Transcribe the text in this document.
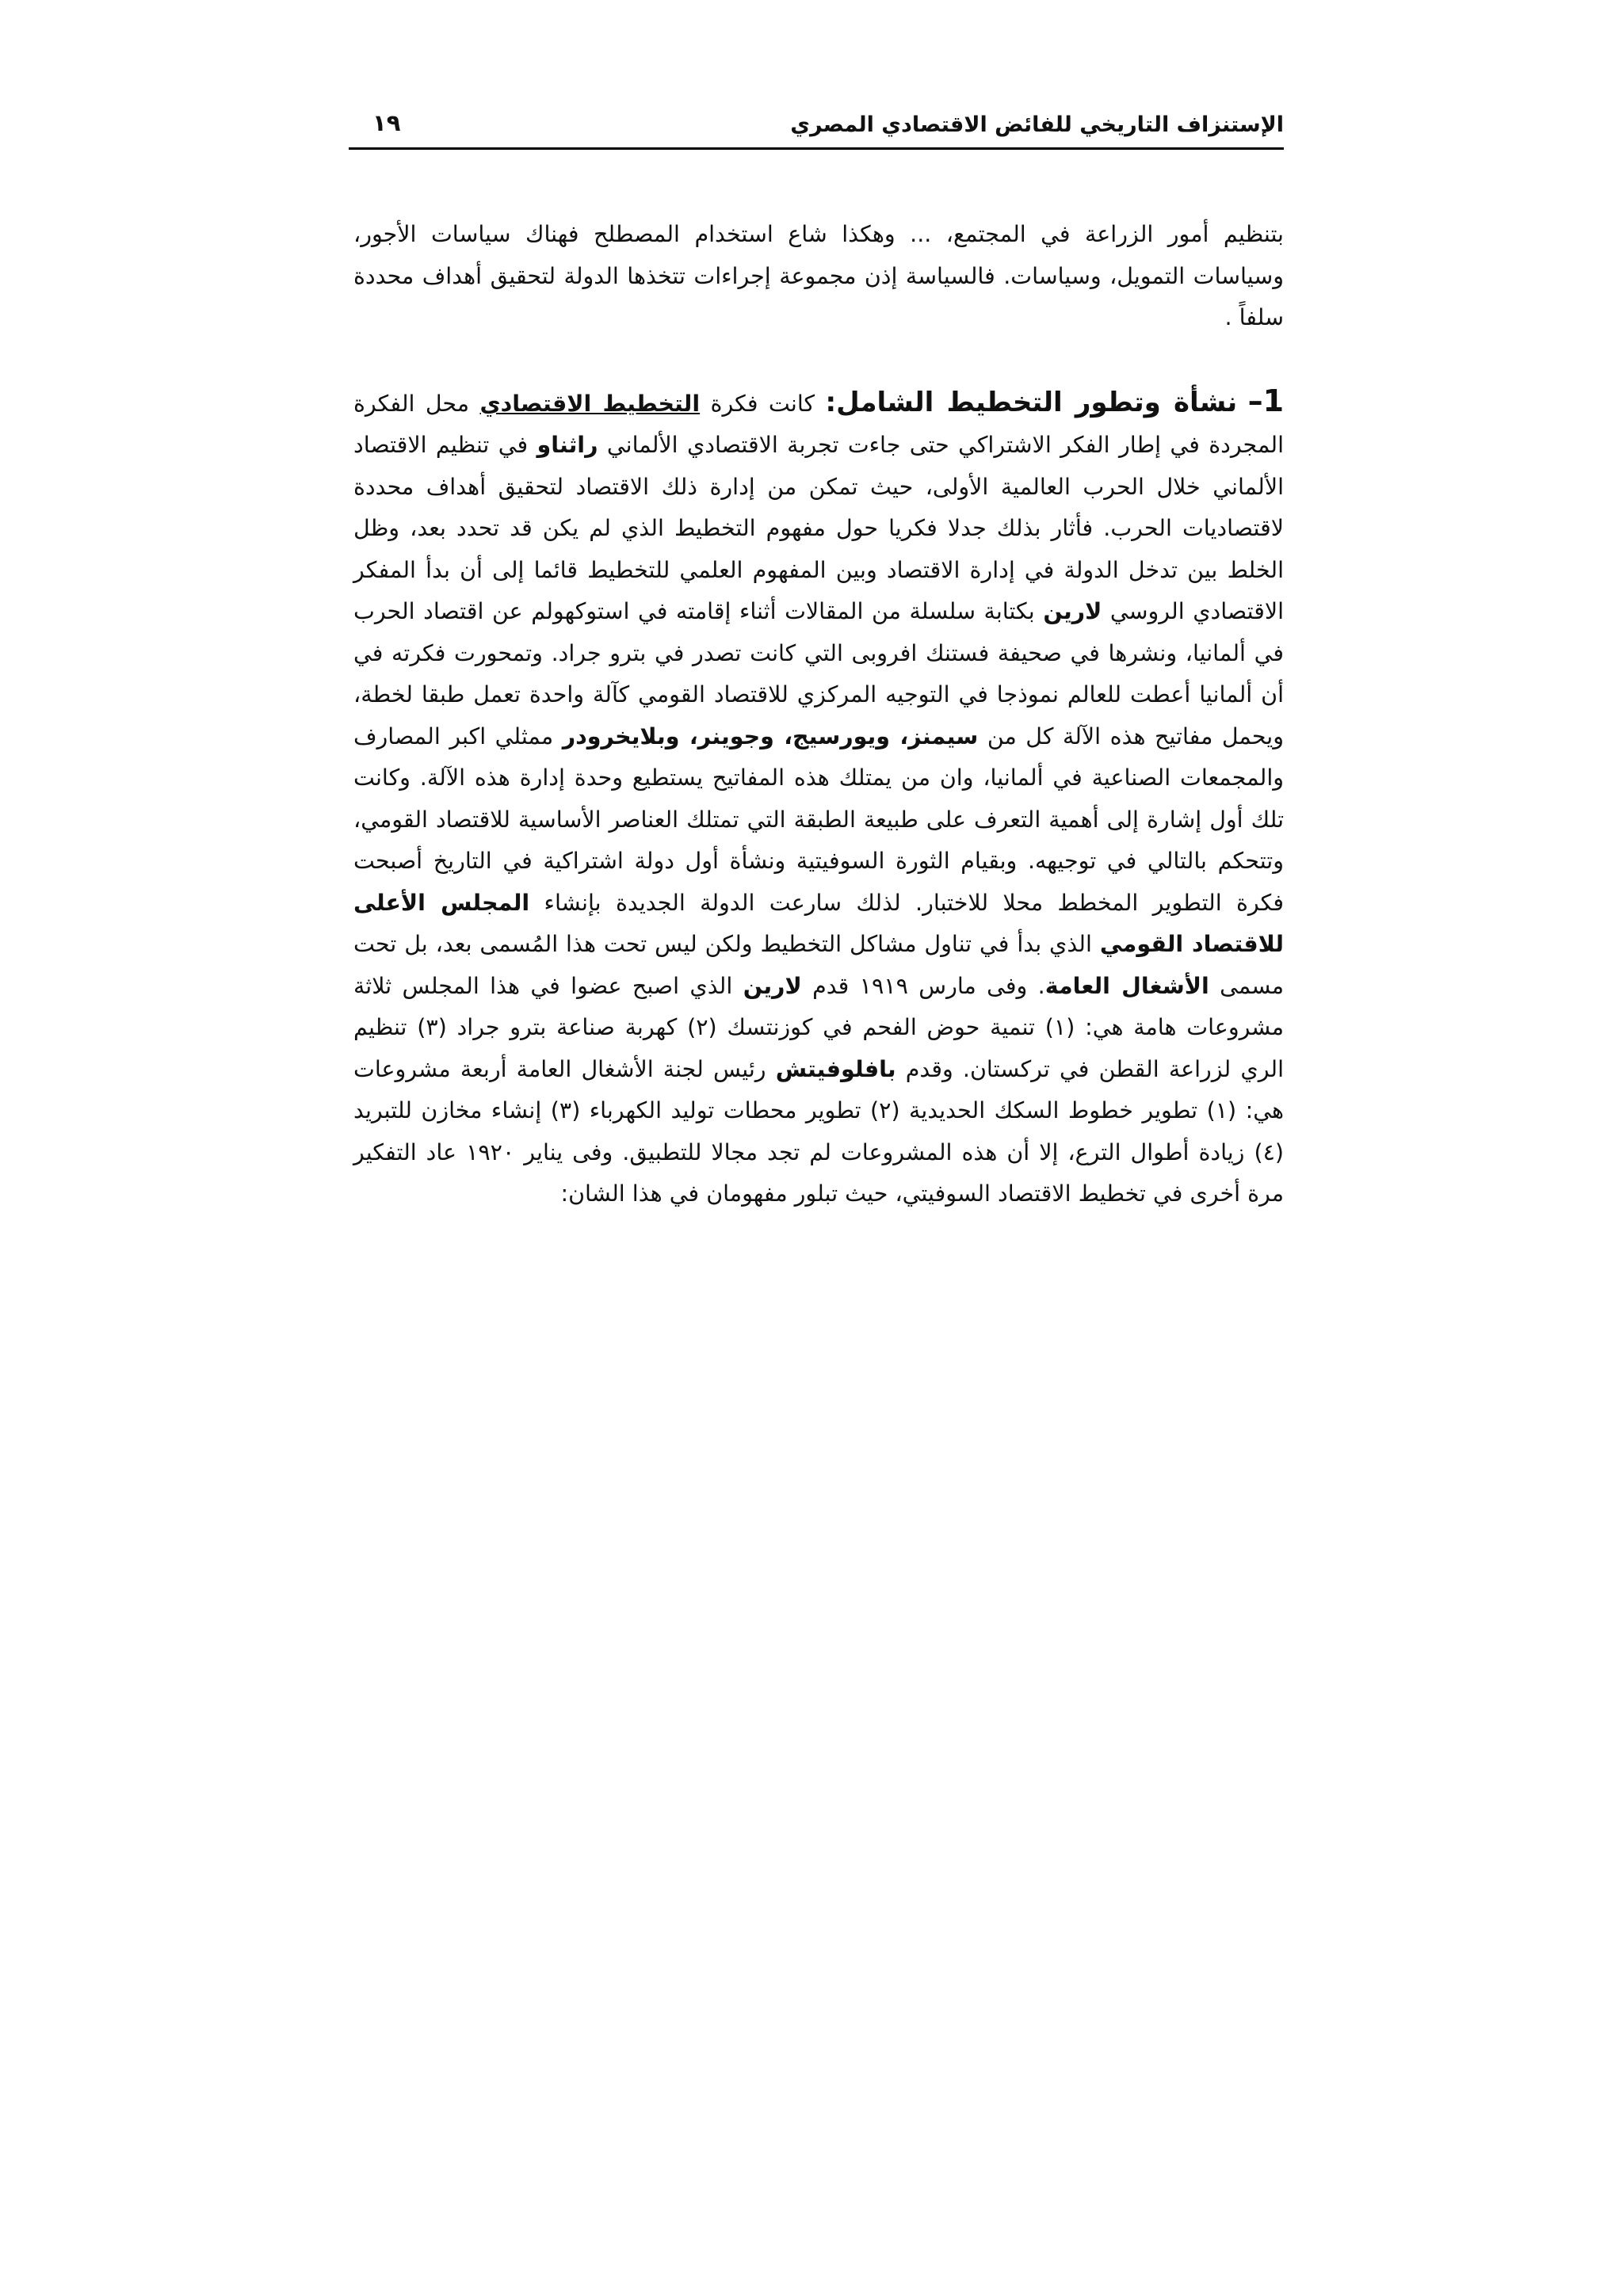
الإستنزاف التاريخي للفائض الاقتصادي المصري
١٩

بتنظيم أمور الزراعة في المجتمع، ... وهكذا شاع استخدام المصطلح فهناك سياسات الأجور، وسياسات التمويل، وسياسات. فالسياسة إذن مجموعة إجراءات تتخذها الدولة لتحقيق أهداف محددة سلفاً .

1– نشأة وتطور التخطيط الشامل: كانت فكرة التخطيط الاقتصادي محل الفكرة المجردة في إطار الفكر الاشتراكي حتى جاءت تجربة الاقتصادي الألماني راثناو في تنظيم الاقتصاد الألماني خلال الحرب العالمية الأولى، حيث تمكن من إدارة ذلك الاقتصاد لتحقيق أهداف محددة لاقتصاديات الحرب. فأثار بذلك جدلا فكريا حول مفهوم التخطيط الذي لم يكن قد تحدد بعد، وظل الخلط بين تدخل الدولة في إدارة الاقتصاد وبين المفهوم العلمي للتخطيط قائما إلى أن بدأ المفكر الاقتصادي الروسي لارين بكتابة سلسلة من المقالات أثناء إقامته في استوكهولم عن اقتصاد الحرب في ألمانيا، ونشرها في صحيفة فستنك افروبى التي كانت تصدر في بترو جراد. وتمحورت فكرته في أن ألمانيا أعطت للعالم نموذجا في التوجيه المركزي للاقتصاد القومي كآلة واحدة تعمل طبقا لخطة، ويحمل مفاتيح هذه الآلة كل من سيمنز، ويورسيج، وجوينر، وبلايخرودر ممثلي اكبر المصارف والمجمعات الصناعية في ألمانيا، وان من يمتلك هذه المفاتيح يستطيع وحدة إدارة هذه الآلة. وكانت تلك أول إشارة إلى أهمية التعرف على طبيعة الطبقة التي تمتلك العناصر الأساسية للاقتصاد القومي، وتتحكم بالتالي في توجيهه. وبقيام الثورة السوفيتية ونشأة أول دولة اشتراكية في التاريخ أصبحت فكرة التطوير المخطط محلا للاختبار. لذلك سارعت الدولة الجديدة بإنشاء المجلس الأعلى للاقتصاد القومي الذي بدأ في تناول مشاكل التخطيط ولكن ليس تحت هذا المُسمى بعد، بل تحت مسمى الأشغال العامة. وفى مارس ١٩١٩ قدم لارين الذي اصبح عضوا في هذا المجلس ثلاثة مشروعات هامة هي: (١) تنمية حوض الفحم في كوزنتسك (٢) كهربة صناعة بترو جراد (٣) تنظيم الري لزراعة القطن في تركستان. وقدم بافلوفيتش رئيس لجنة الأشغال العامة أربعة مشروعات هي: (١) تطوير خطوط السكك الحديدية (٢) تطوير محطات توليد الكهرباء (٣) إنشاء مخازن للتبريد (٤) زيادة أطوال الترع، إلا أن هذه المشروعات لم تجد مجالا للتطبيق. وفى يناير ١٩٢٠ عاد التفكير مرة أخرى في تخطيط الاقتصاد السوفيتي، حيث تبلور مفهومان في هذا الشان:
